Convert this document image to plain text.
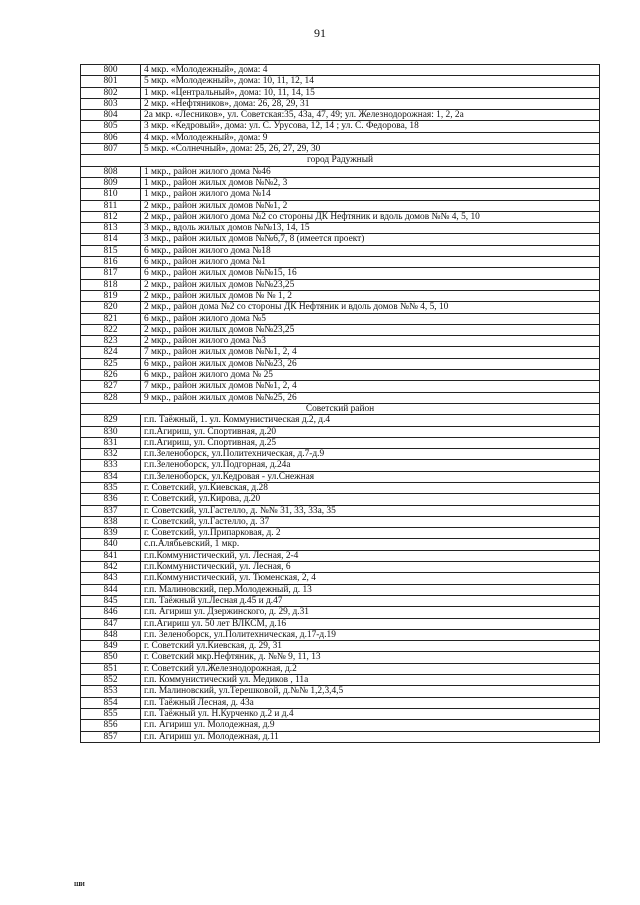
91
800	4 мкр. «Молодежный», дома: 4
801	5 мкр. «Молодежный», дома: 10, 11, 12, 14
802	1 мкр. «Центральный», дома: 10, 11, 14, 15
803	2 мкр. «Нефтяников», дома: 26, 28, 29, 31
804	2а мкр. «Лесников», ул. Советская:35, 43а, 47, 49; ул. Железнодорожная: 1, 2, 2а
805	3 мкр. «Кедровый», дома: ул. С. Урусова, 12, 14 ; ул. С. Федорова, 18
806	4 мкр. «Молодежный», дома: 9
807	5 мкр. «Солнечный», дома: 25, 26, 27, 29, 30
город Радужный	
808	1 мкр., район жилого дома №46
809	1 мкр., район жилых домов №№2, 3
810	1 мкр., район жилого дома №14
811	2 мкр., район жилых домов №№1, 2
812	2 мкр., район жилого дома №2 со стороны ДК Нефтяник и вдоль домов №№ 4, 5, 10
813	3 мкр., вдоль жилых домов №№13, 14, 15
814	3 мкр., район жилых домов №№6,7, 8 (имеется проект)
815	6 мкр., район жилого дома №18
816	6 мкр., район жилого дома №1
817	6 мкр., район жилых домов №№15, 16
818	2 мкр., район жилых домов №№23,25
819	2 мкр., район жилых домов № № 1, 2
820	2 мкр., район дома №2 со стороны ДК Нефтяник и вдоль домов №№ 4, 5, 10
821	6 мкр., район жилого дома №5
822	2 мкр., район жилых домов №№23,25
823	2 мкр., район жилого дома №3
824	7 мкр., район жилых домов №№1, 2, 4
825	6 мкр., район жилых домов №№23, 26
826	6 мкр., район жилого дома № 25
827	7 мкр., район жилых домов №№1, 2, 4
828	9 мкр., район жилых домов №№25, 26
Советский район	
829	г.п. Таёжный, 1. ул. Коммунистическая д.2, д.4
830	г.п.Агириш, ул. Спортивная, д.20
831	г.п.Агириш, ул. Спортивная, д.25
832	г.п.Зеленоборск, ул.Политехническая, д.7-д.9
833	г.п.Зеленоборск, ул.Подгорная, д.24а
834	г.п.Зеленоборск, ул.Кедровая - ул.Снежная
835	г. Советский, ул.Киевская, д.28
836	г. Советский, ул.Кирова, д.20
837	г. Советский, ул.Гастелло, д. №№ 31, 33, 33а, 35
838	г. Советский, ул.Гастелло, д. 37
839	г. Советский, ул.Припарковая, д. 2
840	с.п.Алябьевский, 1 мкр.
841	г.п.Коммунистический, ул. Лесная, 2-4
842	г.п.Коммунистический, ул. Лесная, 6
843	г.п.Коммунистический, ул. Тюменская, 2, 4
844	г.п. Малиновский, пер.Молодежный, д. 13
845	г.п. Таёжный ул.Лесная д.45 и д.47
846	г.п. Агириш ул. Дзержинского, д. 29, д.31
847	г.п.Агириш ул. 50 лет ВЛКСМ, д.16
848	г.п. Зеленоборск, ул.Политехническая, д.17-д.19
849	г. Советский ул.Киевская, д. 29, 31
850	г. Советский мкр.Нефтяник, д. №№ 9, 11, 13
851	г. Советский ул.Железнодорожная, д.2
852	г.п. Коммунистический ул. Медиков , 11а
853	г.п. Малиновский, ул.Терешковой, д.№№ 1,2,3,4,5
854	г.п. Таёжный Лесная, д. 43а
855	г.п. Таёжный ул. Н.Курченко д.2 и д.4
856	г.п. Агириш ул. Молодежная, д.9
857	г.п. Агириш ул. Молодежная, д.11
ШИ
